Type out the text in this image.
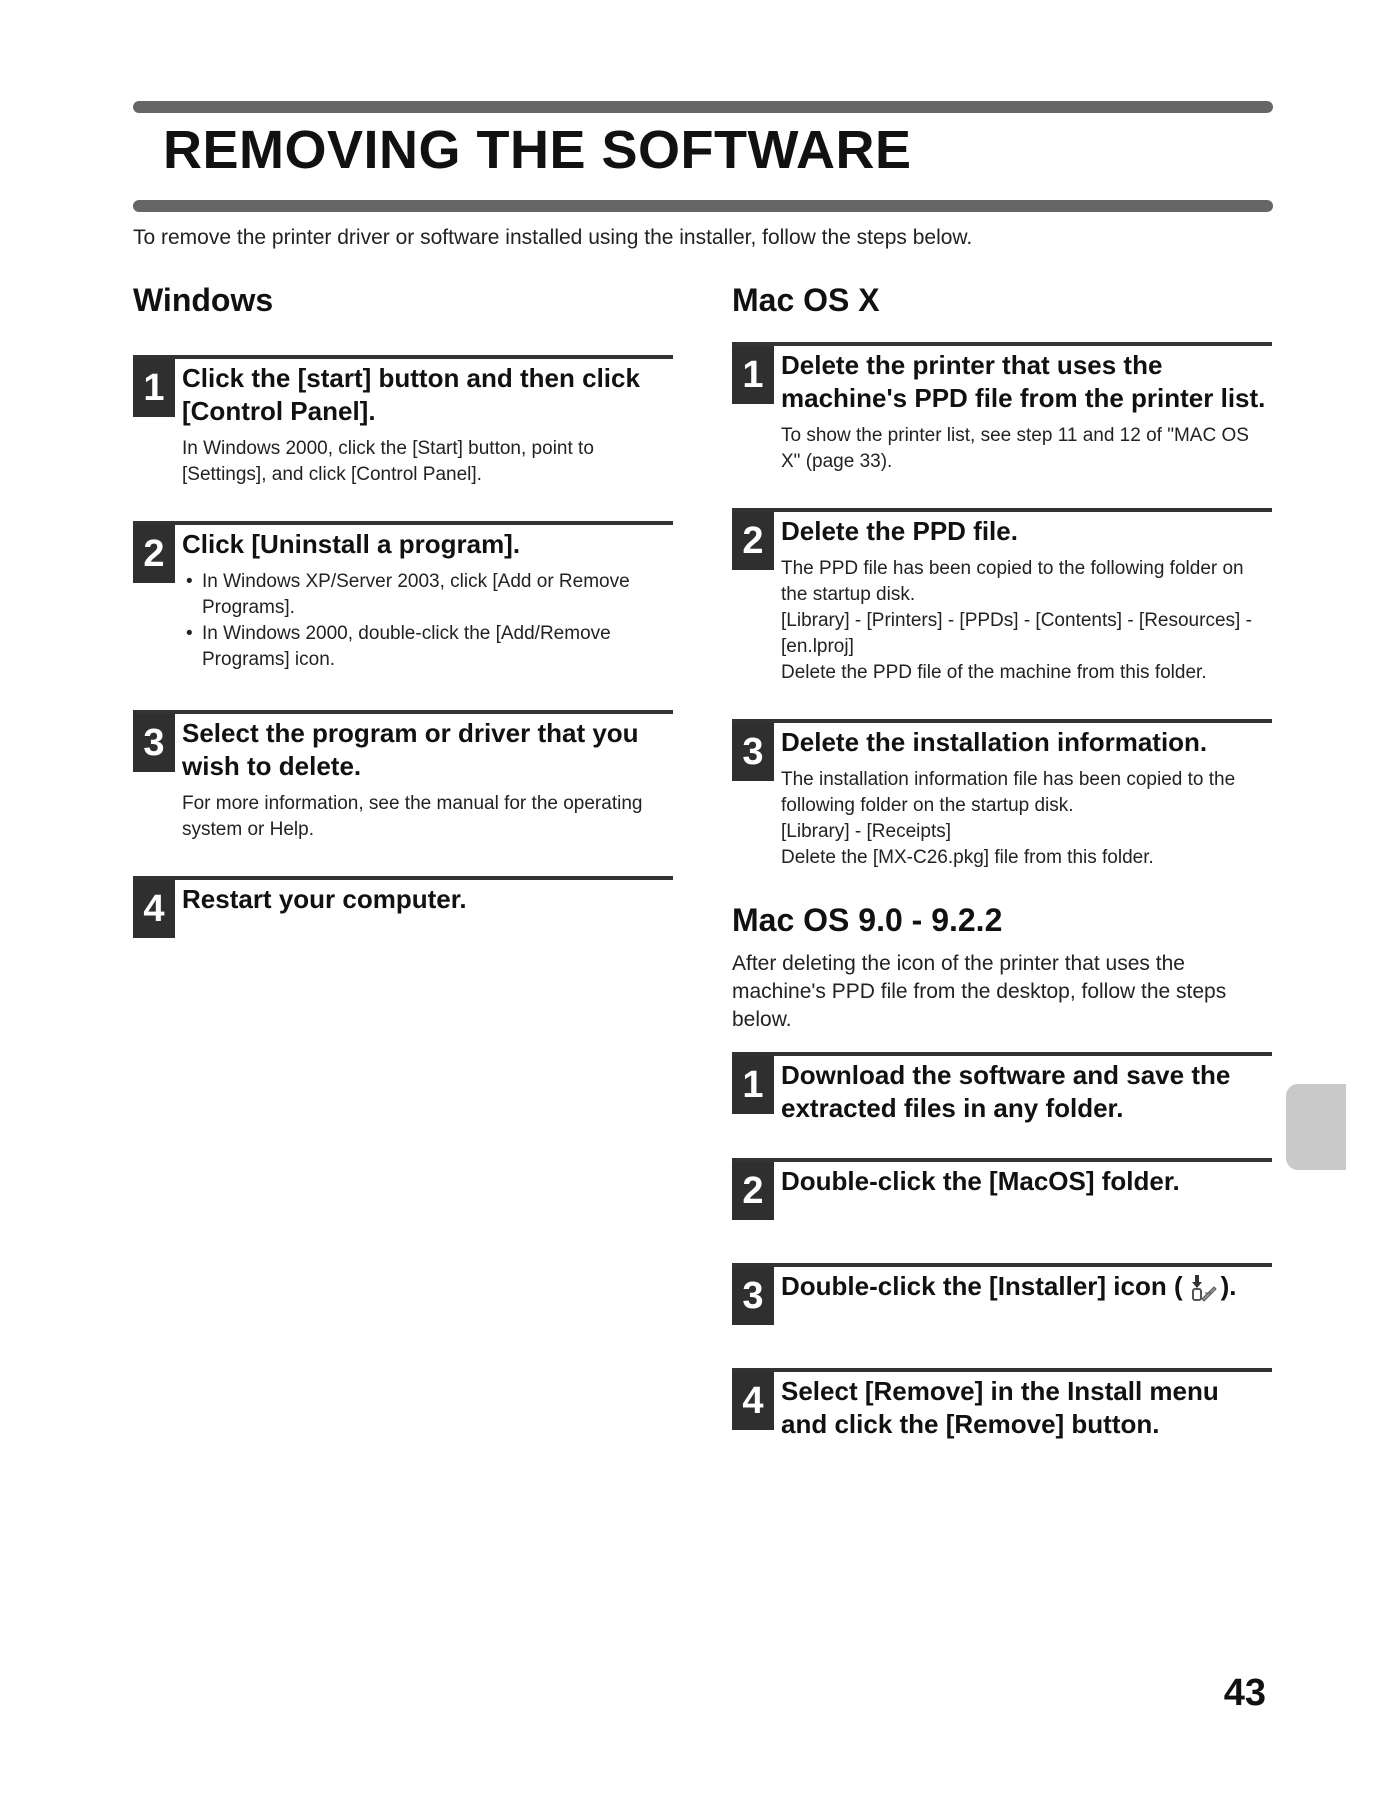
REMOVING THE SOFTWARE

To remove the printer driver or software installed using the installer, follow the steps below.

Windows
1 Click the [start] button and then click [Control Panel].

In Windows 2000, click the [Start] button, point to [Settings], and click [Control Panel].

2 Click [Uninstall a program].

• In Windows XP/Server 2003, click [Add or Remove Programs].
• In Windows 2000, double-click the [Add/Remove Programs] icon.
3 Select the program or driver that you wish to delete.

For more information, see the manual for the operating system or Help.

4 Restart your computer.

Mac OS X
1 Delete the printer that uses the machine's PPD file from the printer list.

To show the printer list, see step 11 and 12 of "MAC OS X" (page 33).

2 Delete the PPD file.

The PPD file has been copied to the following folder on the startup disk.
[Library] - [Printers] - [PPDs] - [Contents] - [Resources] - [en.lproj]
Delete the PPD file of the machine from this folder.
3 Delete the installation information.

The installation information file has been copied to the following folder on the startup disk.
[Library] - [Receipts]
Delete the [MX-C26.pkg] file from this folder.
Mac OS 9.0 - 9.2.2

After deleting the icon of the printer that uses the machine's PPD file from the desktop, follow the steps below.

1 Download the software and save the extracted files in any folder.

2 Double-click the [MacOS] folder.

3 Double-click the [Installer] icon ( ).

4 Select [Remove] in the Install menu and click the [Remove] button.

43
